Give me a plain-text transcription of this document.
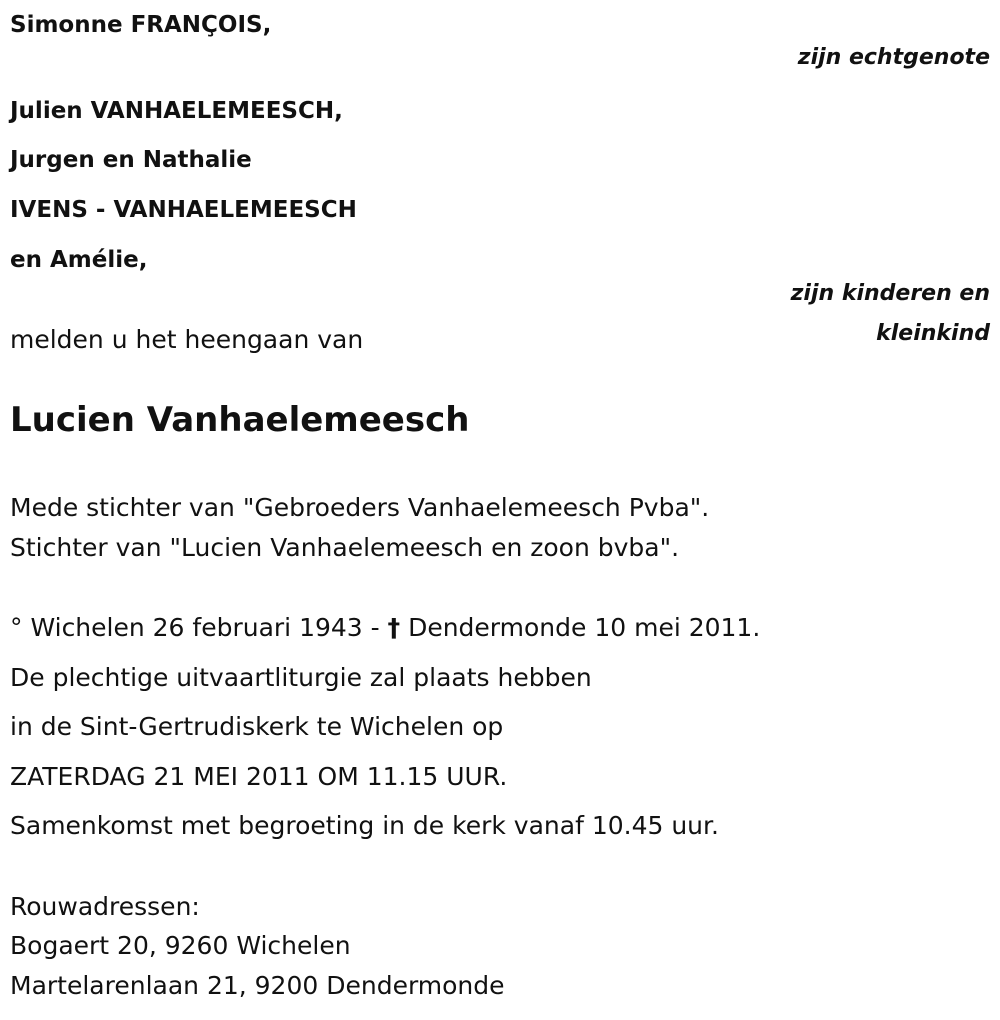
Simonne FRANÇOIS,
zijn echtgenote
Julien VANHAELEMEESCH,
Jurgen en Nathalie
IVENS - VANHAELEMEESCH
en Amélie,
zijn kinderen en
kleinkind
melden u het heengaan van
Lucien Vanhaelemeesch
Mede stichter van "Gebroeders Vanhaelemeesch Pvba".
Stichter van "Lucien Vanhaelemeesch en zoon bvba".
° Wichelen 26 februari 1943 - † Dendermonde 10 mei 2011.
De plechtige uitvaartliturgie zal plaats hebben
in de Sint-Gertrudiskerk te Wichelen op
ZATERDAG 21 MEI 2011 OM 11.15 UUR.
Samenkomst met begroeting in de kerk vanaf 10.45 uur.
Rouwadressen:
Bogaert 20, 9260 Wichelen
Martelarenlaan 21, 9200 Dendermonde
